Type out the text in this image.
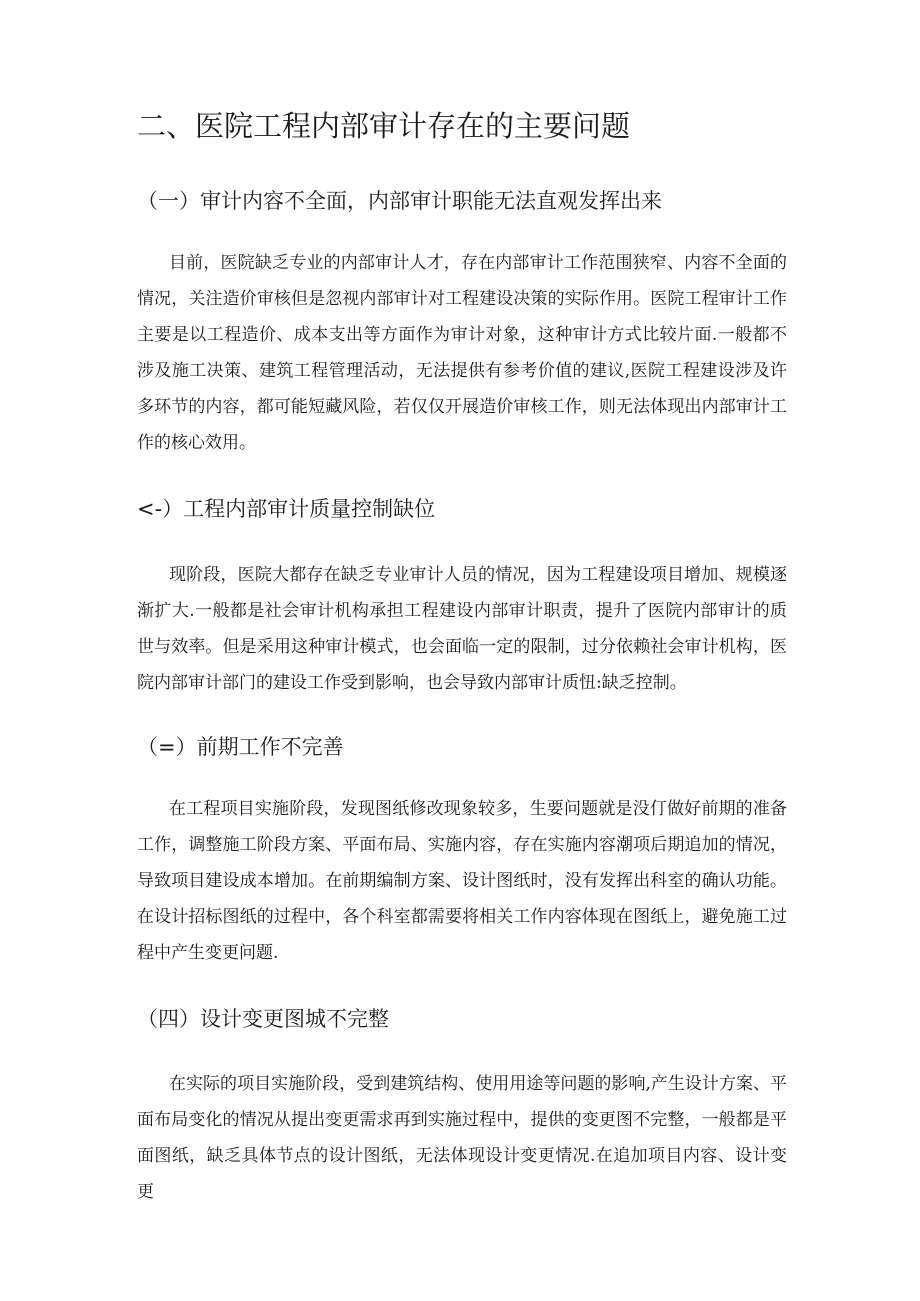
二、医院工程内部审计存在的主要问题
（一）审计内容不全面，内部审计职能无法直观发挥出来

目前，医院缺乏专业的内部审计人才，存在内部审计工作范围狭窄、内容不全面的情况，关注造价审核但是忽视内部审计对工程建设决策的实际作用。医院工程审计工作主要是以工程造价、成本支出等方面作为审计对象，这种审计方式比较片面.一般都不涉及施工决策、建筑工程管理活动，无法提供有参考价值的建议,医院工程建设涉及许多环节的内容，都可能短藏风险，若仅仅开展造价审核工作，则无法体现出内部审计工作的核心效用。

<-）工程内部审计质量控制缺位

现阶段，医院大都存在缺乏专业审计人员的情况，因为工程建设项目增加、规模逐渐扩大.一般都是社会审计机构承担工程建设内部审计职责，提升了医院内部审计的质世与效率。但是采用这种审计模式，也会面临一定的限制，过分依赖社会审计机构，医院内部审计部门的建设工作受到影响，也会导致内部审计质忸:缺乏控制。

（=）前期工作不完善

在工程项目实施阶段，发现图纸修改现象较多，生要问题就是没仃做好前期的准备工作，调整施工阶段方案、平面布局、实施内容，存在实施内容潮项后期追加的情况，导致项目建设成本增加。在前期编制方案、设计图纸时，没有发挥出科室的确认功能。在设计招标图纸的过程中，各个科室都需要将相关工作内容体现在图纸上，避免施工过程中产生变更问题.

（四）设计变更图城不完整

在实际的项目实施阶段，受到建筑结构、使用用途等问题的影响,产生设计方案、平面布局变化的情况从提出变更需求再到实施过程中，提供的变更图不完整，一般都是平面图纸，缺乏具体节点的设计图纸，无法体现设计变更情况.在追加项目内容、设计变更
